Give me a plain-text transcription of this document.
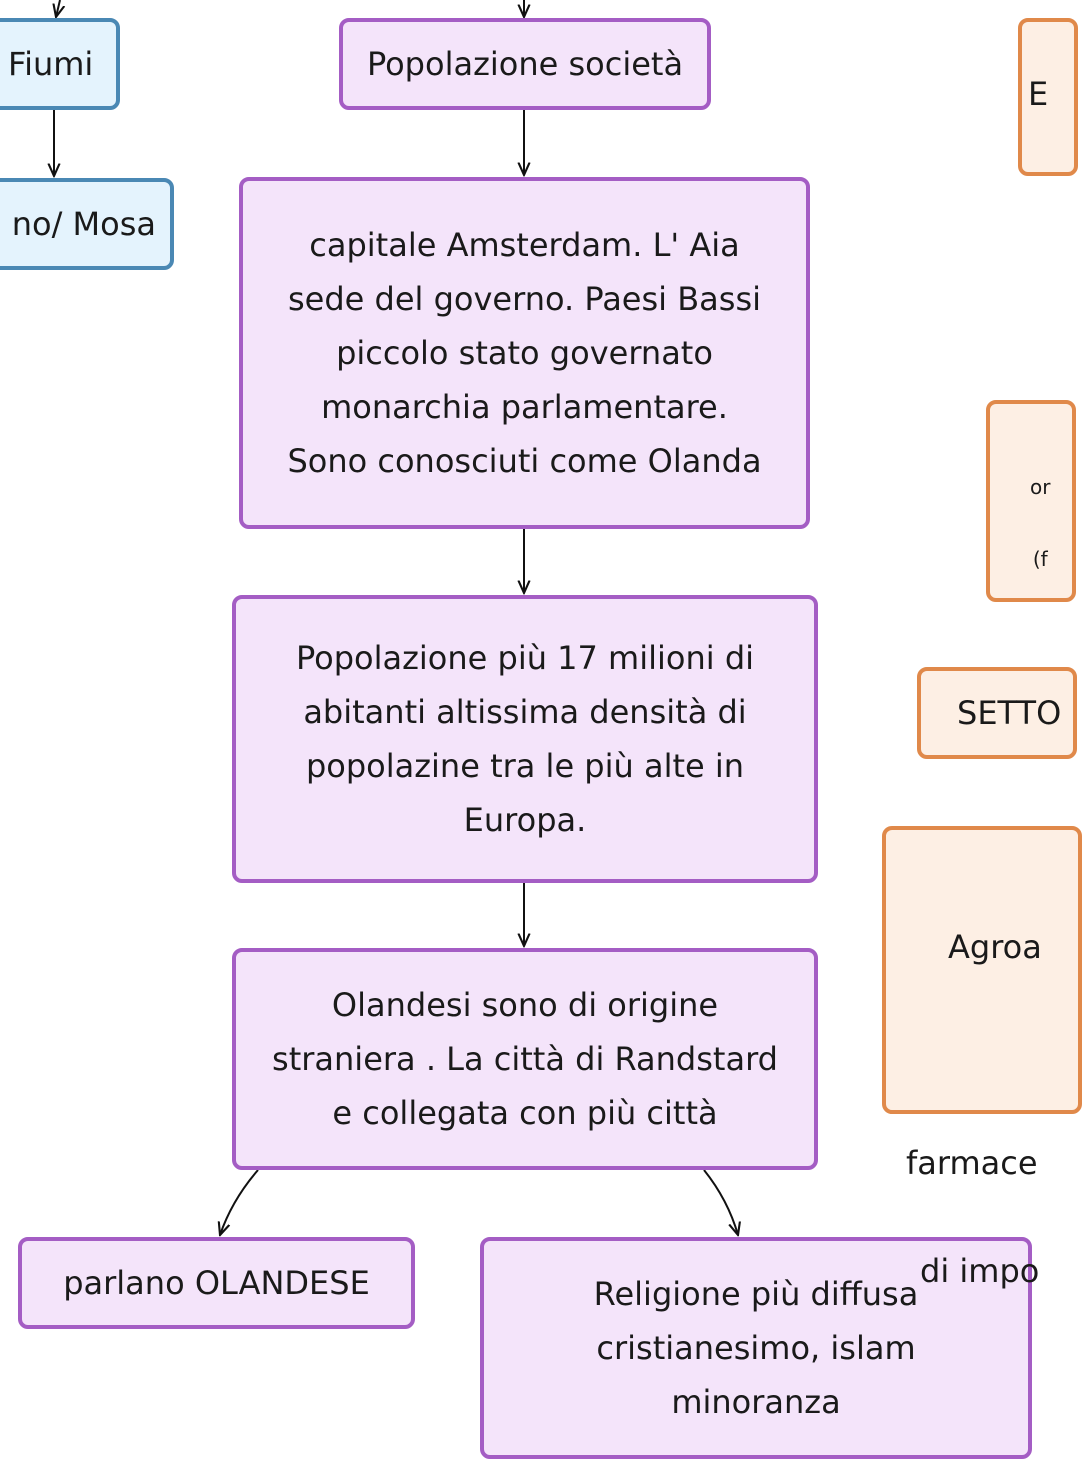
Fiumi
no/ Mosa
Popolazione società
capitale Amsterdam. L' Aia
sede del governo. Paesi Bassi
piccolo stato governato
monarchia parlamentare.
Sono conosciuti come Olanda
Popolazione più 17 milioni di
abitanti altissima densità di
popolazine tra le più alte in
Europa.
Olandesi sono di origine
straniera . La città di Randstard
e collegata con più città
parlano OLANDESE	Religione più diffusa
cristianesimo, islam
minoranza
E

or

(f

SETTO

Agroa

farmace

di impo
